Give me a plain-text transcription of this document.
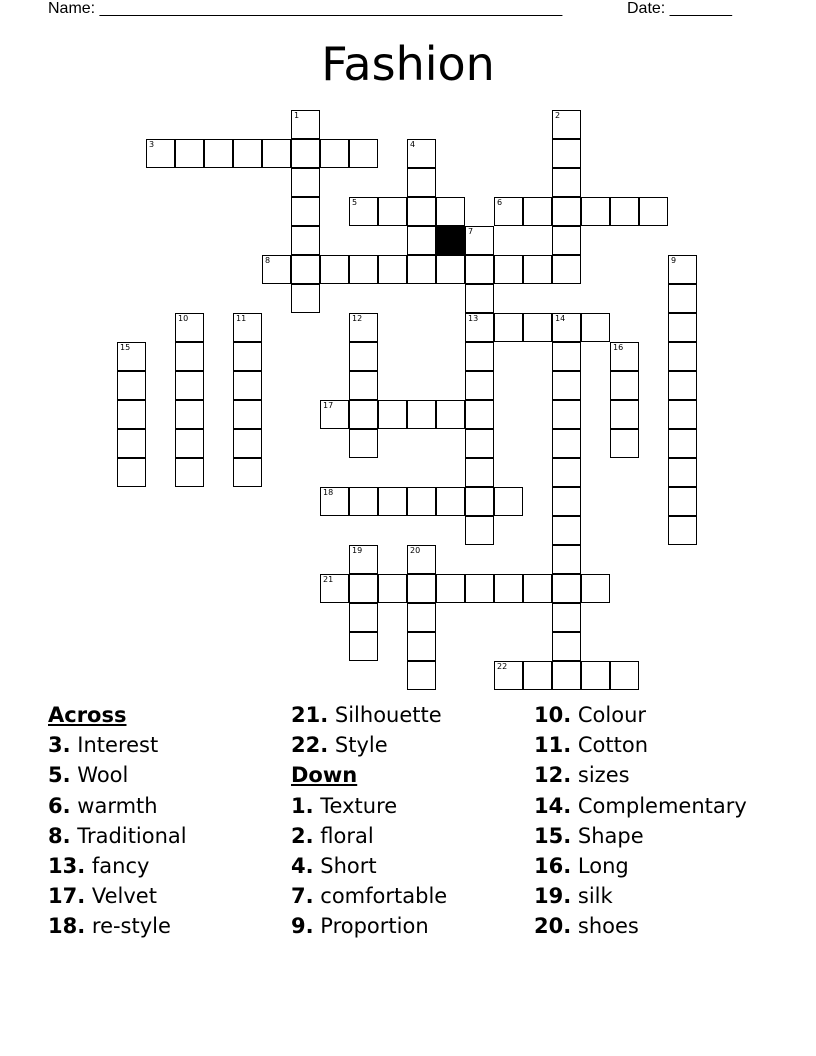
Name: ____________________________________________________	Date: _______
Fashion
1	2
3	4
5	6
7
8	9
10	11	12	13	14
15	16
17
18
19	20
21
22
Across
3. Interest
5. Wool
6. warmth
8. Traditional
13. fancy
17. Velvet
18. re-style
21. Silhouette
22. Style
Down
1. Texture
2. floral
4. Short
7. comfortable
9. Proportion
10. Colour
11. Cotton
12. sizes
14. Complementary
15. Shape
16. Long
19. silk
20. shoes
